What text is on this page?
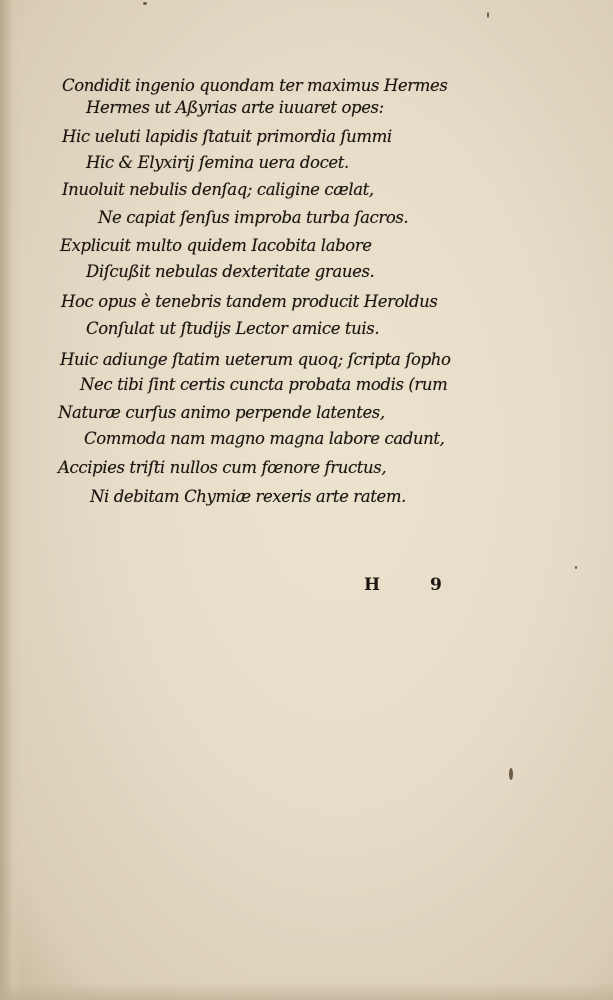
Condidit ingenio quondam ter maximus Hermes
Hermes ut Aßyrias arte iuuaret opes:
Hic ueluti lapidis ſtatuit primordia ſummi
Hic & Elyxirij ſemina uera docet.
Inuoluit nebulis denſaq; caligine cælat,
Ne capiat ſenſus improba turba ſacros.
Explicuit multo quidem Iacobita labore
Diſcußit nebulas dexteritate graues.
Hoc opus è tenebris tandem producit Heroldus
Conſulat ut ſtudijs Lector amice tuis.
Huic adiunge ſtatim ueterum quoq; ſcripta ſopho
Nec tibi ſint certis cuncta probata modis (rum
Naturæ curſus animo perpende latentes,
Commoda nam magno magna labore cadunt,
Accipies triſti nullos cum fœnore fructus,
Ni debitam Chymiæ rexeris arte ratem.
H 9
